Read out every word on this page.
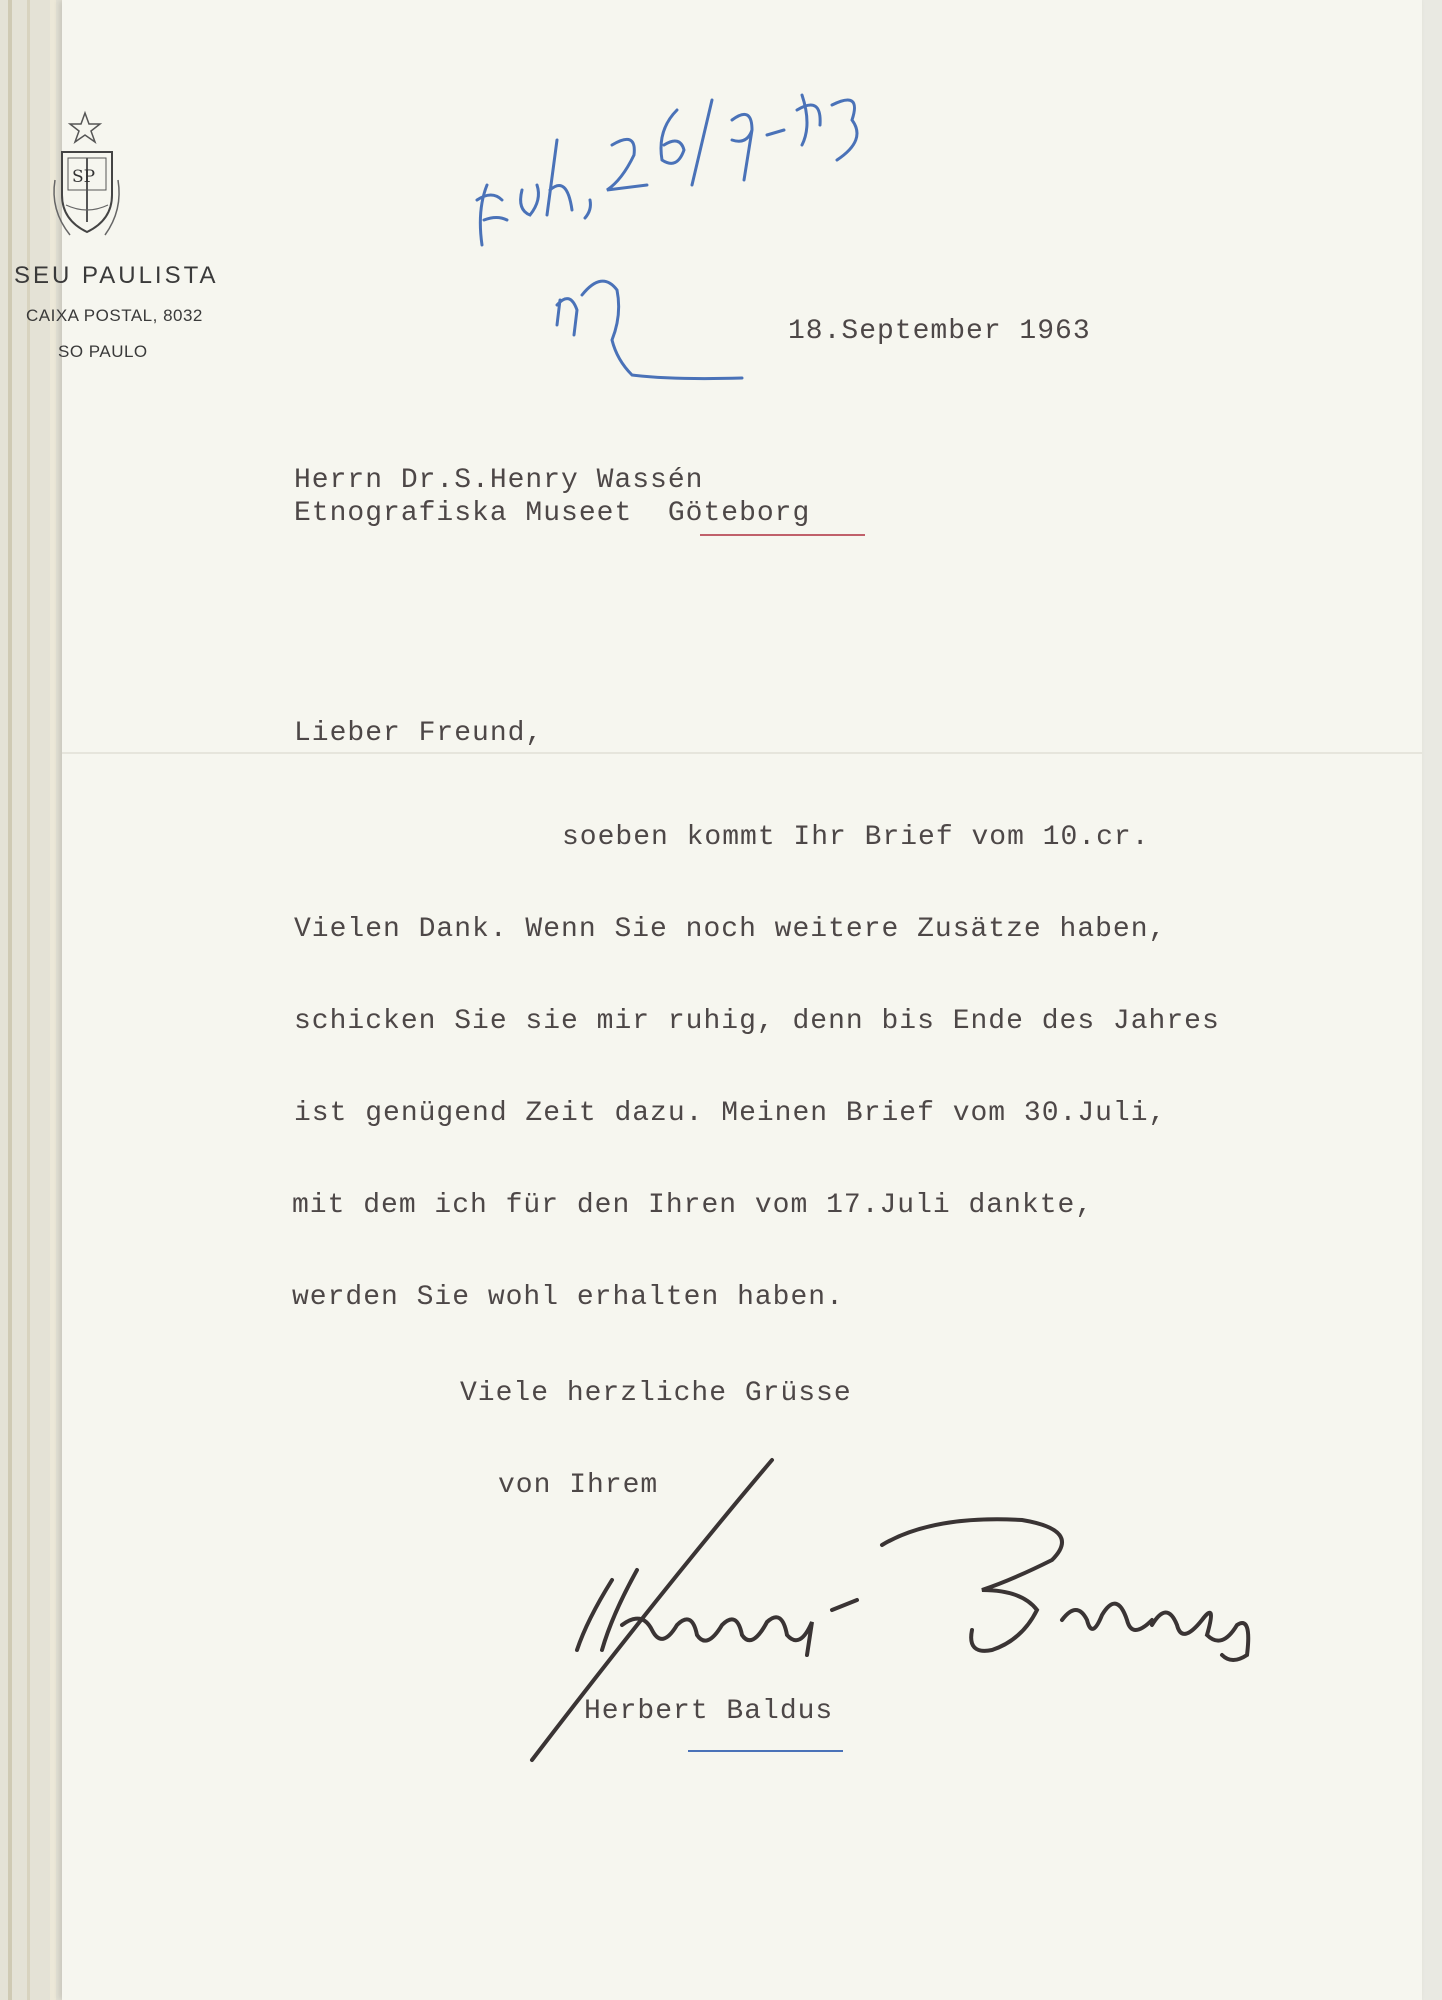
SP
SEU PAULISTA
CAIXA POSTAL, 8032
SO PAULO
18.September 1963
Herrn Dr.S.Henry Wassén
Etnografiska Museet  Göteborg
Lieber Freund,
soeben kommt Ihr Brief vom 10.cr.
Vielen Dank. Wenn Sie noch weitere Zusätze haben,
schicken Sie sie mir ruhig, denn bis Ende des Jahres
ist genügend Zeit dazu. Meinen Brief vom 30.Juli,
mit dem ich für den Ihren vom 17.Juli dankte,
werden Sie wohl erhalten haben.
Viele herzliche Grüsse
von Ihrem
Herbert Baldus
